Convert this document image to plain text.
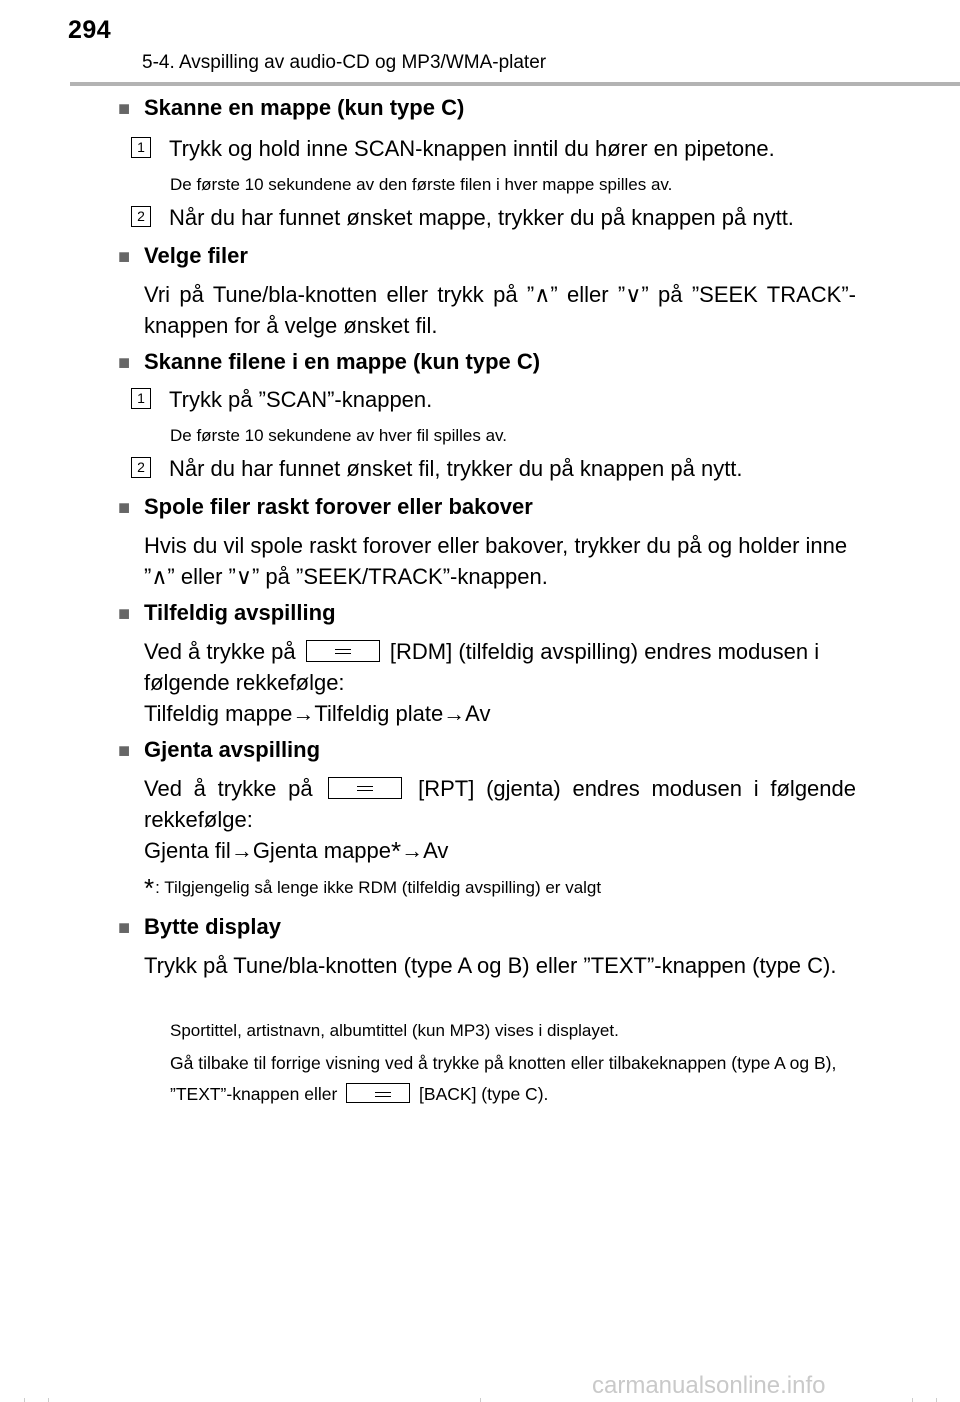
294
5-4. Avspilling av audio-CD og MP3/WMA-plater
■ Skanne en mappe (kun type C)
1 Trykk og hold inne SCAN-knappen inntil du hører en pipetone.
De første 10 sekundene av den første filen i hver mappe spilles av.
2 Når du har funnet ønsket mappe, trykker du på knappen på nytt.
■ Velge filer
Vri på Tune/bla-knotten eller trykk på ”∧” eller ”∨” på ”SEEK TRACK”-knappen for å velge ønsket fil.
■ Skanne filene i en mappe (kun type C)
1 Trykk på ”SCAN”-knappen.
De første 10 sekundene av hver fil spilles av.
2 Når du har funnet ønsket fil, trykker du på knappen på nytt.
■ Spole filer raskt forover eller bakover
Hvis du vil spole raskt forover eller bakover, trykker du på og holder inne ”∧” eller ”∨” på ”SEEK/TRACK”-knappen.
■ Tilfeldig avspilling
Ved å trykke på	[RDM] (tilfeldig avspilling) endres modusen i følgende rekkefølge:
Tilfeldig mappe→Tilfeldig plate→Av
■ Gjenta avspilling
Ved å trykke på	[RPT] (gjenta) endres modusen i følgende rekkefølge:
Gjenta fil→Gjenta mappe*→Av
*: Tilgjengelig så lenge ikke RDM (tilfeldig avspilling) er valgt
■ Bytte display
Trykk på Tune/bla-knotten (type A og B) eller ”TEXT”-knappen (type C).
Sportittel, artistnavn, albumtittel (kun MP3) vises i displayet.
Gå tilbake til forrige visning ved å trykke på knotten eller tilbakeknappen (type A og B), ”TEXT”-knappen eller	[BACK] (type C).
carmanualsonline.info
